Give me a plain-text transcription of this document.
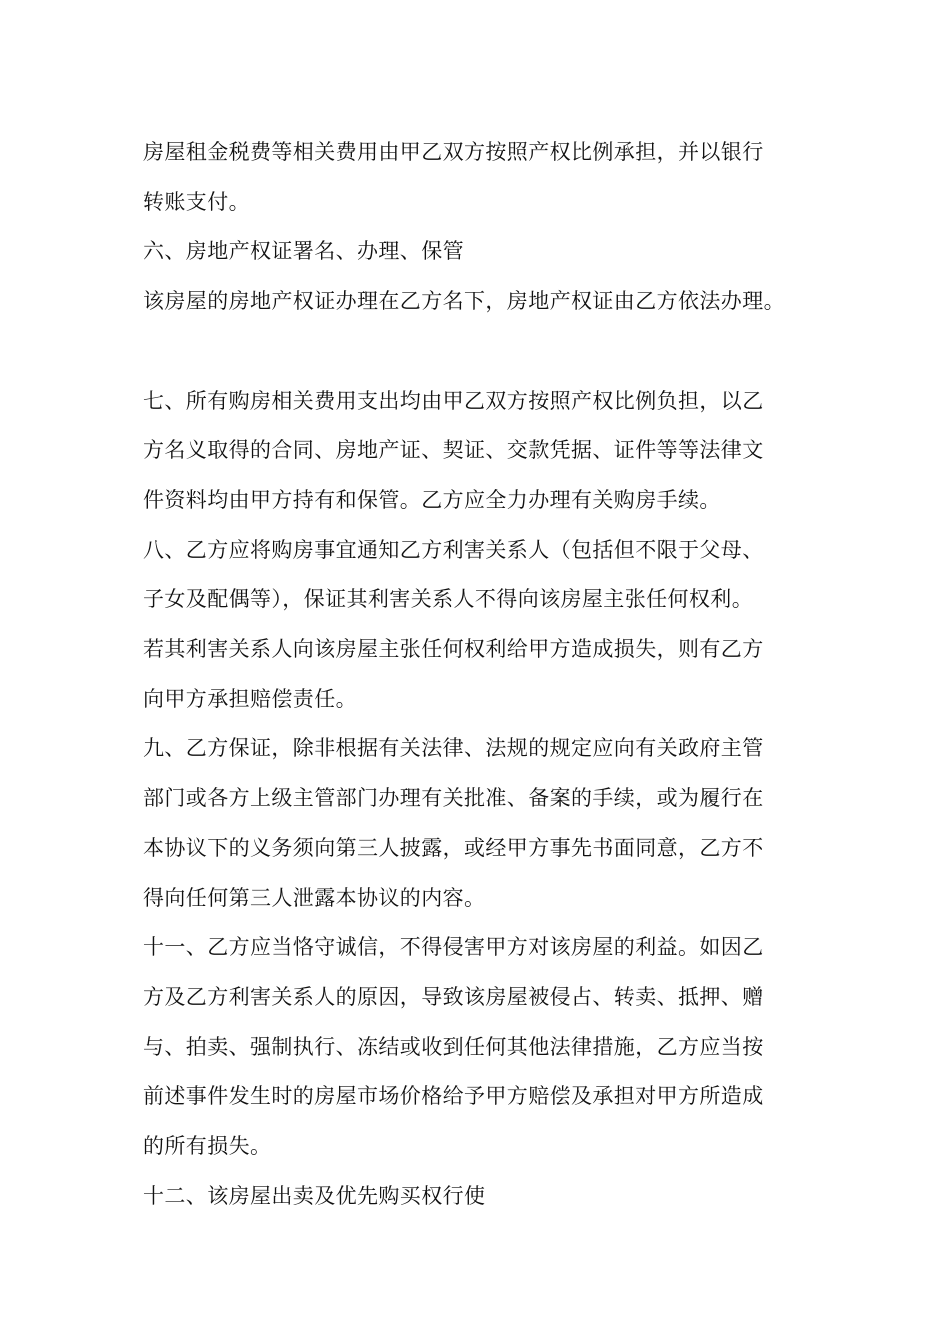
房屋租金税费等相关费用由甲乙双方按照产权比例承担，并以银行
转账支付。
六、房地产权证署名、办理、保管
该房屋的房地产权证办理在乙方名下，房地产权证由乙方依法办理。
七、所有购房相关费用支出均由甲乙双方按照产权比例负担，以乙
方名义取得的合同、房地产证、契证、交款凭据、证件等等法律文
件资料均由甲方持有和保管。乙方应全力办理有关购房手续。
八、乙方应将购房事宜通知乙方利害关系人（包括但不限于父母、
子女及配偶等），保证其利害关系人不得向该房屋主张任何权利。
若其利害关系人向该房屋主张任何权利给甲方造成损失，则有乙方
向甲方承担赔偿责任。
九、乙方保证，除非根据有关法律、法规的规定应向有关政府主管
部门或各方上级主管部门办理有关批准、备案的手续，或为履行在
本协议下的义务须向第三人披露，或经甲方事先书面同意，乙方不
得向任何第三人泄露本协议的内容。
十一、乙方应当恪守诚信，不得侵害甲方对该房屋的利益。如因乙
方及乙方利害关系人的原因，导致该房屋被侵占、转卖、抵押、赠
与、拍卖、强制执行、冻结或收到任何其他法律措施，乙方应当按
前述事件发生时的房屋市场价格给予甲方赔偿及承担对甲方所造成
的所有损失。
十二、该房屋出卖及优先购买权行使
